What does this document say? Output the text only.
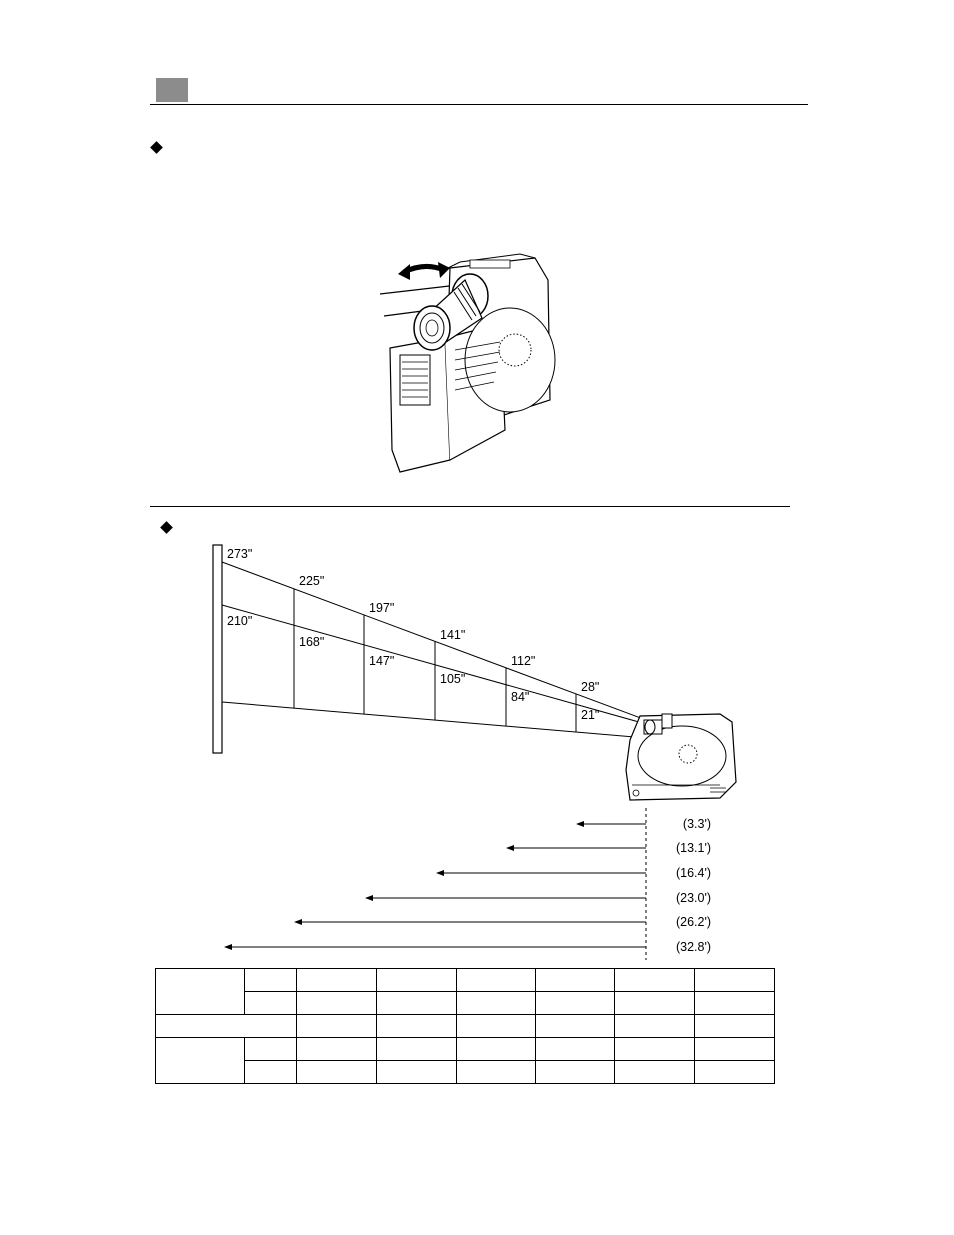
273"
210"
225"
168"
197"
147"
141"
105"
112"
84"
28"
21"
(3.3')
(13.1')
(16.4')
(23.0')
(26.2')
(32.8')
